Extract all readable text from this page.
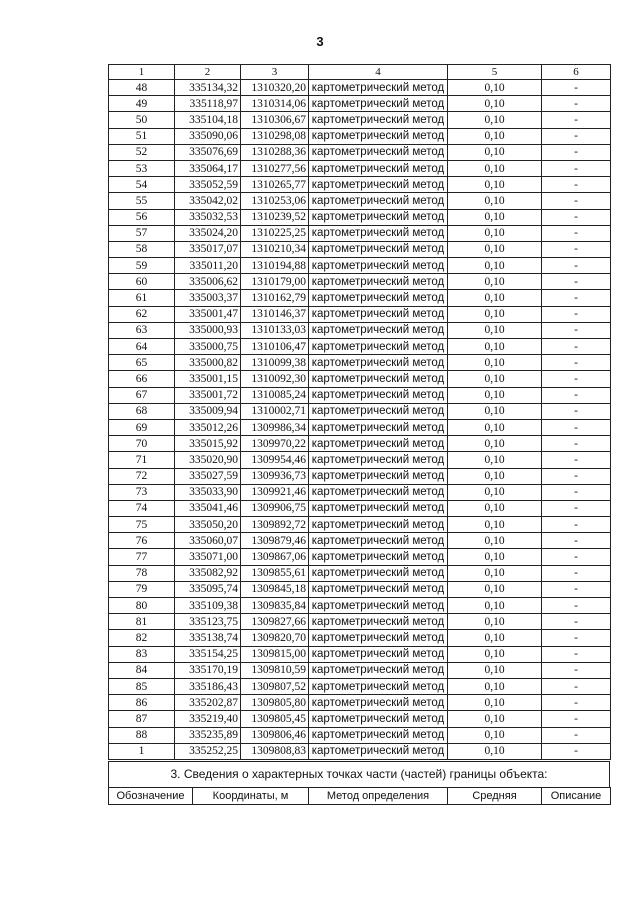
3
1	2	3	4	5	6
48	335134,32	1310320,20	картометрический метод	0,10	-
49	335118,97	1310314,06	картометрический метод	0,10	-
50	335104,18	1310306,67	картометрический метод	0,10	-
51	335090,06	1310298,08	картометрический метод	0,10	-
52	335076,69	1310288,36	картометрический метод	0,10	-
53	335064,17	1310277,56	картометрический метод	0,10	-
54	335052,59	1310265,77	картометрический метод	0,10	-
55	335042,02	1310253,06	картометрический метод	0,10	-
56	335032,53	1310239,52	картометрический метод	0,10	-
57	335024,20	1310225,25	картометрический метод	0,10	-
58	335017,07	1310210,34	картометрический метод	0,10	-
59	335011,20	1310194,88	картометрический метод	0,10	-
60	335006,62	1310179,00	картометрический метод	0,10	-
61	335003,37	1310162,79	картометрический метод	0,10	-
62	335001,47	1310146,37	картометрический метод	0,10	-
63	335000,93	1310133,03	картометрический метод	0,10	-
64	335000,75	1310106,47	картометрический метод	0,10	-
65	335000,82	1310099,38	картометрический метод	0,10	-
66	335001,15	1310092,30	картометрический метод	0,10	-
67	335001,72	1310085,24	картометрический метод	0,10	-
68	335009,94	1310002,71	картометрический метод	0,10	-
69	335012,26	1309986,34	картометрический метод	0,10	-
70	335015,92	1309970,22	картометрический метод	0,10	-
71	335020,90	1309954,46	картометрический метод	0,10	-
72	335027,59	1309936,73	картометрический метод	0,10	-
73	335033,90	1309921,46	картометрический метод	0,10	-
74	335041,46	1309906,75	картометрический метод	0,10	-
75	335050,20	1309892,72	картометрический метод	0,10	-
76	335060,07	1309879,46	картометрический метод	0,10	-
77	335071,00	1309867,06	картометрический метод	0,10	-
78	335082,92	1309855,61	картометрический метод	0,10	-
79	335095,74	1309845,18	картометрический метод	0,10	-
80	335109,38	1309835,84	картометрический метод	0,10	-
81	335123,75	1309827,66	картометрический метод	0,10	-
82	335138,74	1309820,70	картометрический метод	0,10	-
83	335154,25	1309815,00	картометрический метод	0,10	-
84	335170,19	1309810,59	картометрический метод	0,10	-
85	335186,43	1309807,52	картометрический метод	0,10	-
86	335202,87	1309805,80	картометрический метод	0,10	-
87	335219,40	1309805,45	картометрический метод	0,10	-
88	335235,89	1309806,46	картометрический метод	0,10	-
1	335252,25	1309808,83	картометрический метод	0,10	-
3. Сведения о характерных точках части (частей) границы объекта:
Обозначение	Координаты, м	Метод определения	Средняя	Описание
